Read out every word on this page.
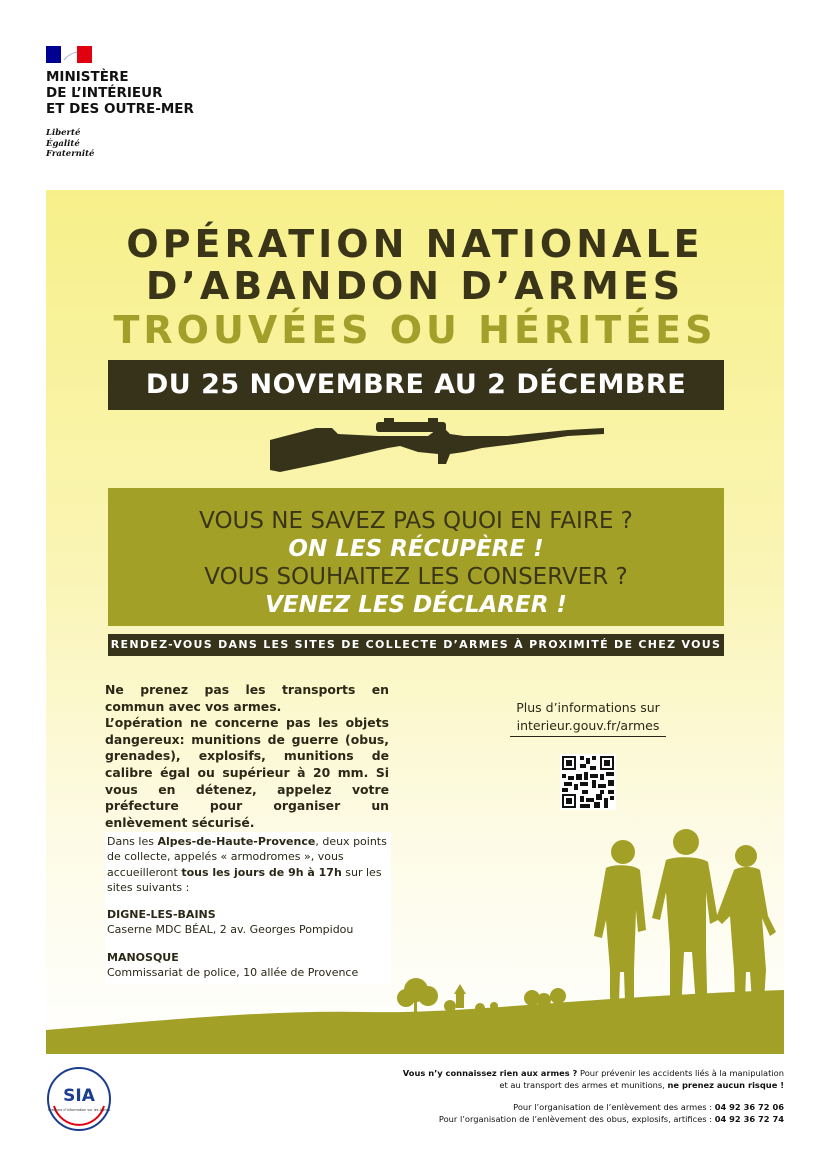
MINISTÈRE
DE L’INTÉRIEUR
ET DES OUTRE-MER
Liberté
Égalité
Fraternité
OPÉRATION NATIONALE
D’ABANDON D’ARMES
TROUVÉES OU HÉRITÉES
DU 25 NOVEMBRE AU 2 DÉCEMBRE
VOUS NE SAVEZ PAS QUOI EN FAIRE ?
ON LES RÉCUPÈRE !
VOUS SOUHAITEZ LES CONSERVER ?
VENEZ LES DÉCLARER !
RENDEZ-VOUS DANS LES SITES DE COLLECTE D’ARMES À PROXIMITÉ DE CHEZ VOUS
Ne prenez pas les transports en commun avec vos armes.
L’opération ne concerne pas les objets dangereux: munitions de guerre (obus, grenades), explosifs, munitions de calibre égal ou supérieur à 20 mm. Si vous en détenez, appelez votre préfecture pour organiser un enlèvement sécurisé.
Dans les Alpes-de-Haute-Provence, deux points de collecte, appelés « armodromes », vous accueilleront tous les jours de 9h à 17h sur les sites suivants :
DIGNE-LES-BAINS
Caserne MDC BÉAL, 2 av. Georges Pompidou
MANOSQUE
Commissariat de police, 10 allée de Provence
Plus d’informations sur
interieur.gouv.fr/armes
Vous n’y connaissez rien aux armes ? Pour prévenir les accidents liés à la manipulation
et au transport des armes et munitions, ne prenez aucun risque !
Pour l’organisation de l’enlèvement des armes : 04 92 36 72 06
Pour l’organisation de l’enlèvement des obus, explosifs, artifices : 04 92 36 72 74
SIA
Système d’Information sur les Armes
